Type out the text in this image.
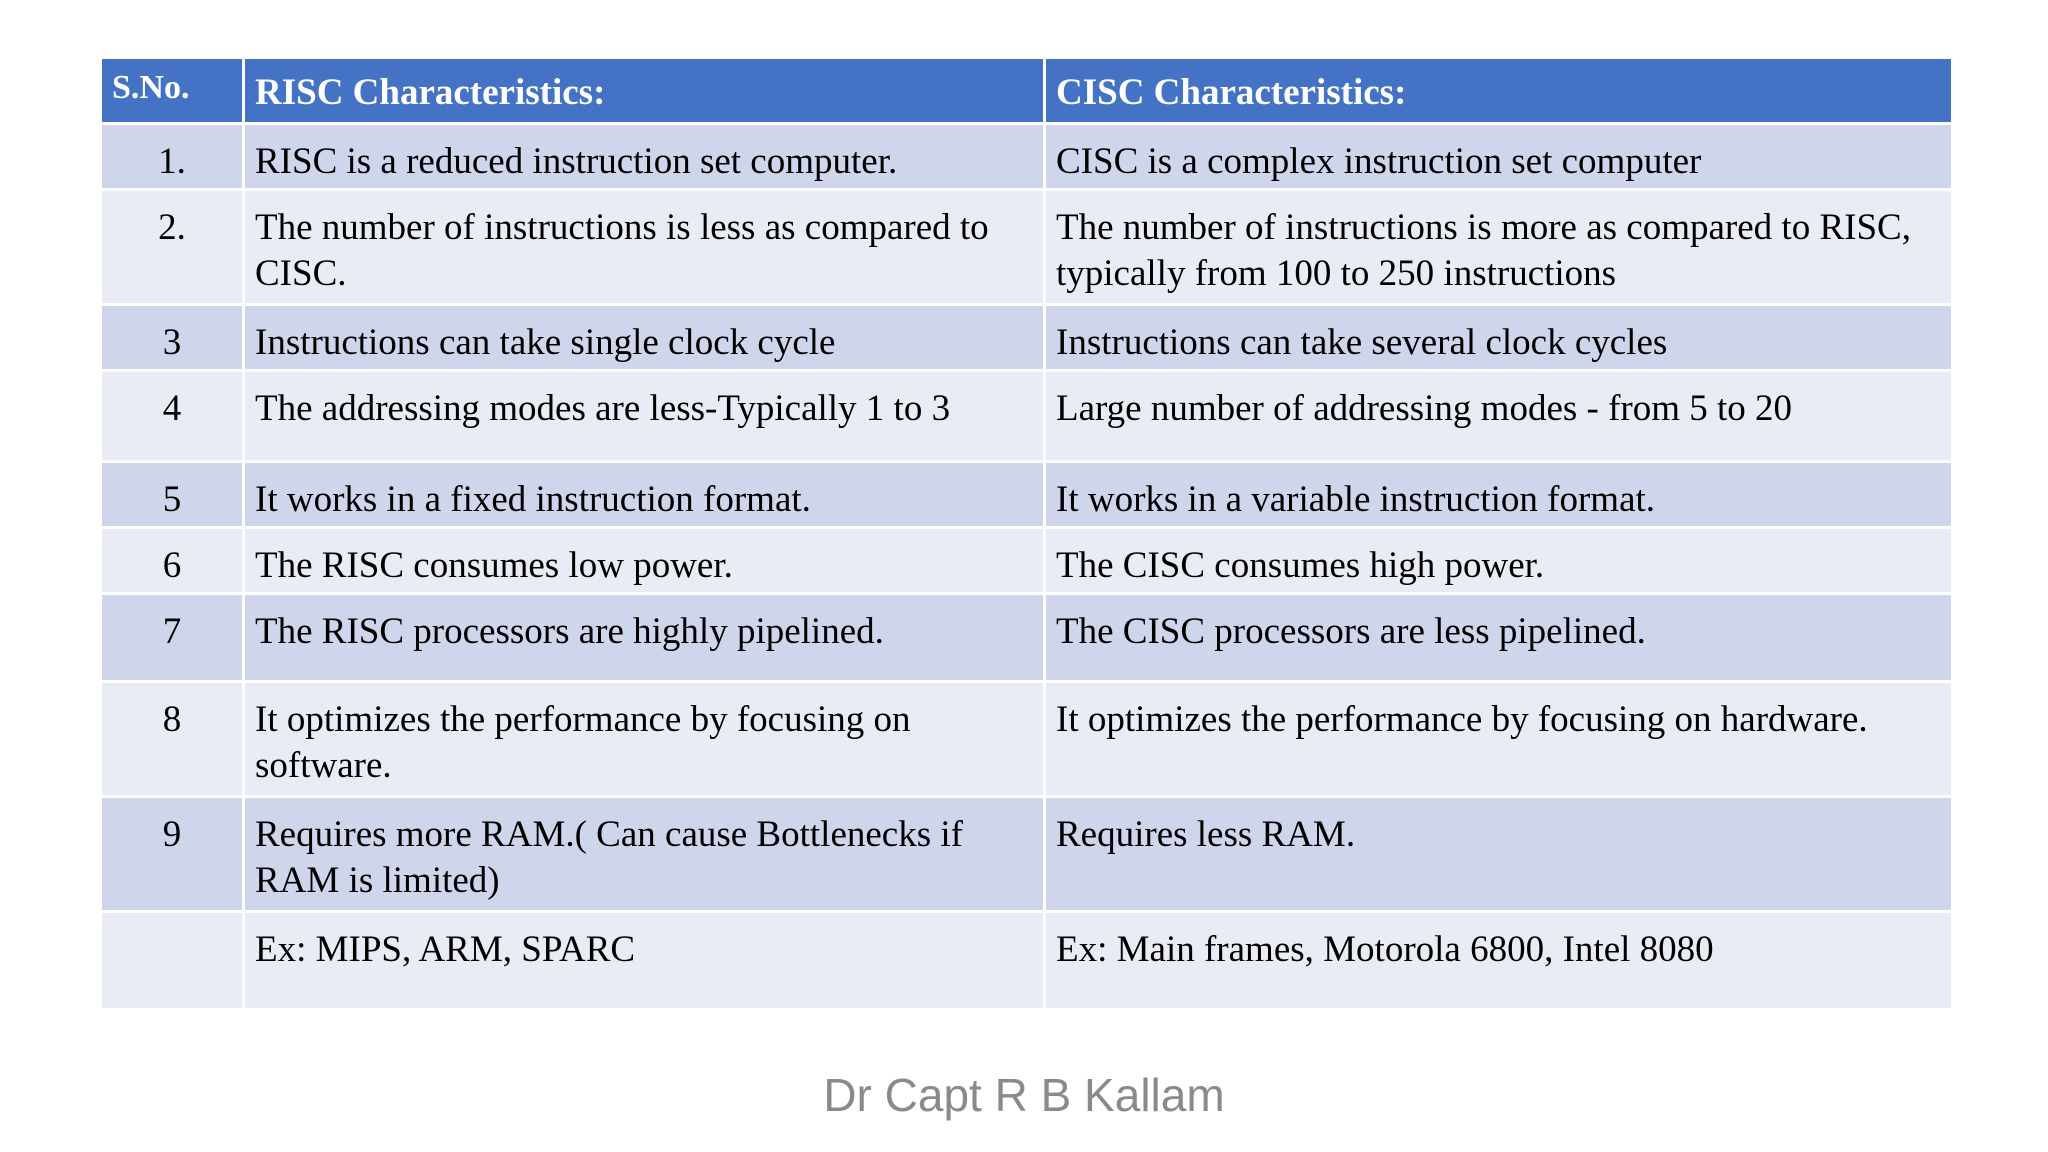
S.No.	RISC Characteristics:	CISC Characteristics:
1.	RISC is a reduced instruction set computer.	CISC is a complex instruction set computer
2.	The number of instructions is less as compared to CISC.	The number of instructions is more as compared to RISC, typically from 100 to 250 instructions
3	Instructions can take single clock cycle	Instructions can take several clock cycles
4	The addressing modes are less-Typically 1 to 3	Large number of addressing modes - from 5 to 20
5	It works in a fixed instruction format.	It works in a variable instruction format.
6	The RISC consumes low power.	The CISC consumes high power.
7	The RISC processors are highly pipelined.	The CISC processors are less pipelined.
8	It optimizes the performance by focusing on software.	It optimizes the performance by focusing on hardware.
9	Requires more RAM.( Can cause Bottlenecks if RAM is limited)	Requires less RAM.
	Ex: MIPS, ARM, SPARC	Ex: Main frames, Motorola 6800, Intel 8080
Dr Capt R B Kallam
